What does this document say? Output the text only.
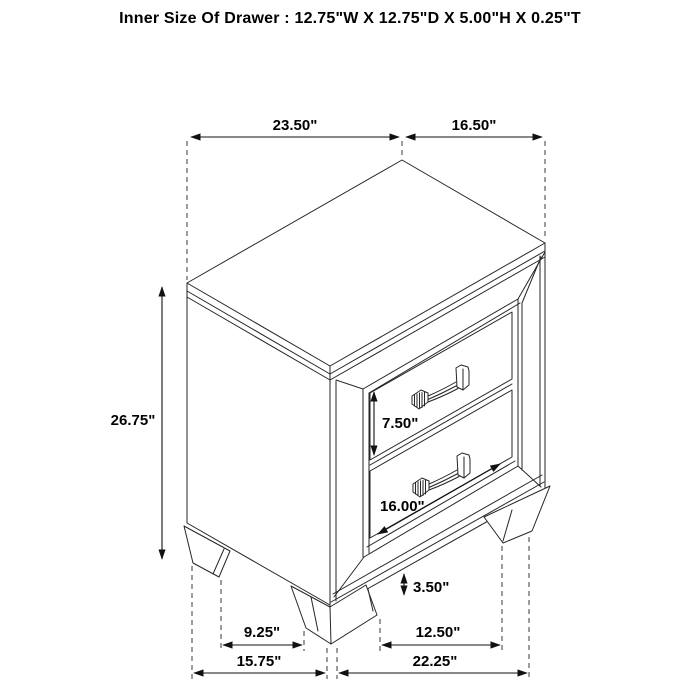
Inner Size Of Drawer : 12.75"W X 12.75"D X 5.00"H X 0.25"T
23.50"	16.50"
26.75"	7.50"
16.00"
3.50"
9.25"	12.50"
15.75"	22.25"
